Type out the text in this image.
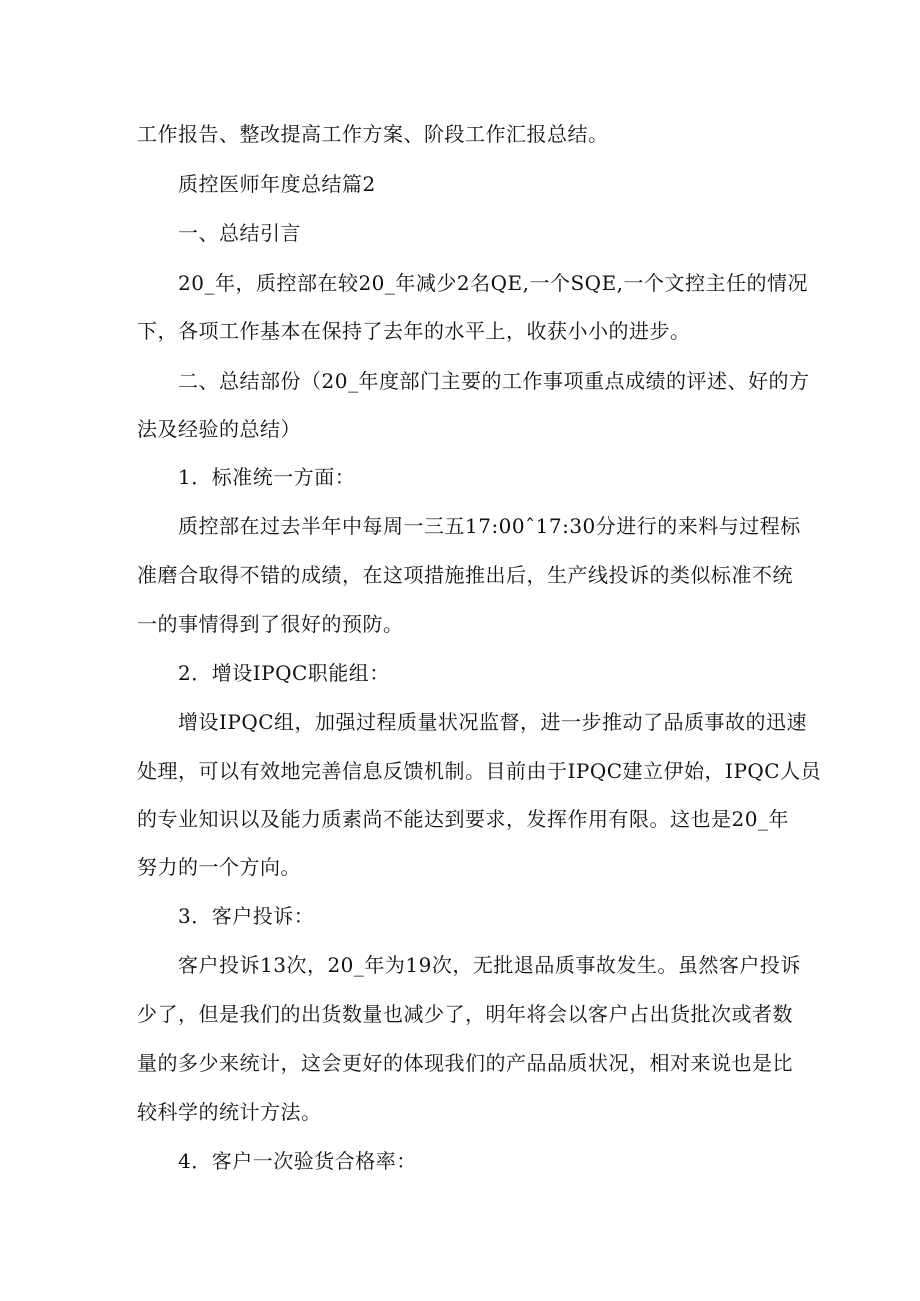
工作报告、整改提高工作方案、阶段工作汇报总结。
质控医师年度总结篇2
一、总结引言
20_年，质控部在较20_年减少2名QE,一个SQE,一个文控主任的情况
下，各项工作基本在保持了去年的水平上，收获小小的进步。
二、总结部份（20_年度部门主要的工作事项重点成绩的评述、好的方
法及经验的总结）
1．标准统一方面：
质控部在过去半年中每周一三五17:00ˆ17:30分进行的来料与过程标
准磨合取得不错的成绩，在这项措施推出后，生产线投诉的类似标准不统
一的事情得到了很好的预防。
2．增设IPQC职能组：
增设IPQC组，加强过程质量状况监督，进一步推动了品质事故的迅速
处理，可以有效地完善信息反馈机制。目前由于IPQC建立伊始，IPQC人员
的专业知识以及能力质素尚不能达到要求，发挥作用有限。这也是20_年
努力的一个方向。
3．客户投诉：
客户投诉13次，20_年为19次，无批退品质事故发生。虽然客户投诉
少了，但是我们的出货数量也减少了，明年将会以客户占出货批次或者数
量的多少来统计，这会更好的体现我们的产品品质状况，相对来说也是比
较科学的统计方法。
4．客户一次验货合格率：
